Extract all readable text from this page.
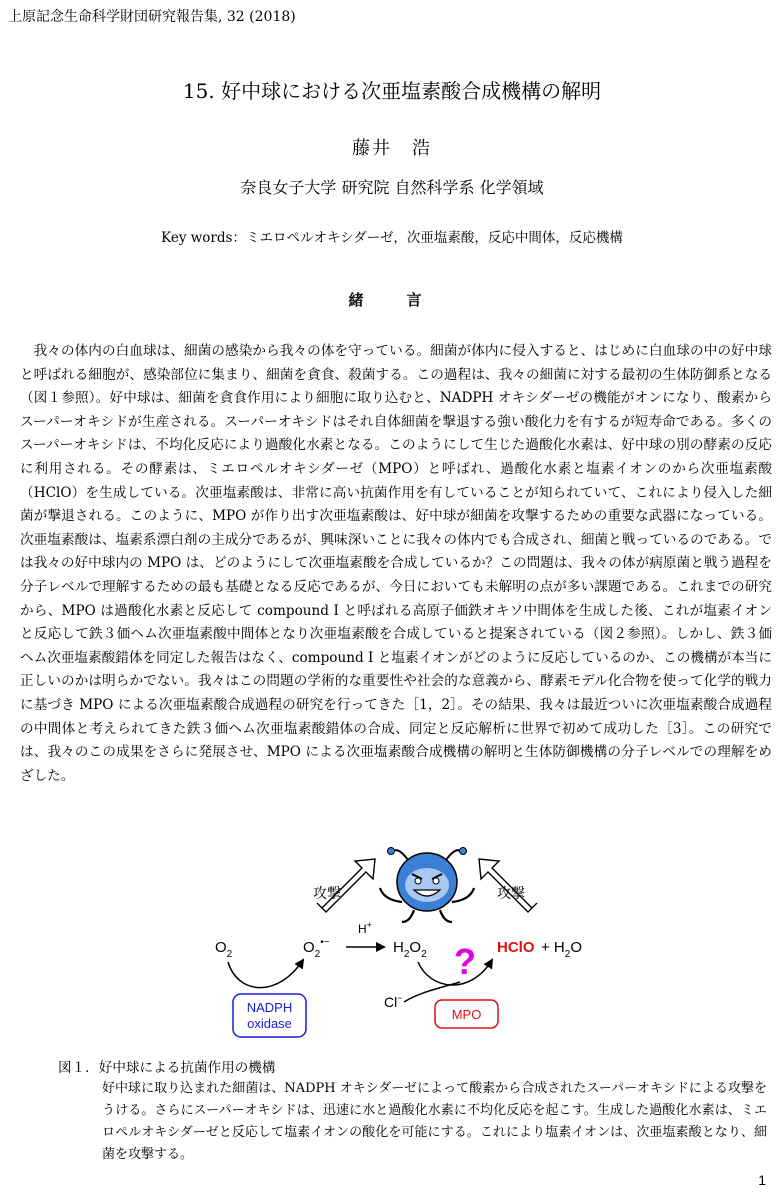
上原記念生命科学財団研究報告集, 32 (2018)
15. 好中球における次亜塩素酸合成機構の解明
藤井　浩
奈良女子大学 研究院 自然科学系 化学領域
Key words：ミエロペルオキシダーゼ，次亜塩素酸，反応中間体，反応機構
緒　言

我々の体内の白血球は、細菌の感染から我々の体を守っている。細菌が体内に侵入すると、はじめに白血球の中の好中球と呼ばれる細胞が、感染部位に集まり、細菌を貪食、殺菌する。この過程は、我々の細菌に対する最初の生体防御系となる（図１参照）。好中球は、細菌を貪食作用により細胞に取り込むと、NADPH オキシダーゼの機能がオンになり、酸素からスーパーオキシドが生産される。スーパーオキシドはそれ自体細菌を撃退する強い酸化力を有するが短寿命である。多くのスーパーオキシドは、不均化反応により過酸化水素となる。このようにして生じた過酸化水素は、好中球の別の酵素の反応に利用される。その酵素は、ミエロペルオキシダーゼ（MPO）と呼ばれ、過酸化水素と塩素イオンのから次亜塩素酸（HClO）を生成している。次亜塩素酸は、非常に高い抗菌作用を有していることが知られていて、これにより侵入した細菌が撃退される。このように、MPO が作り出す次亜塩素酸は、好中球が細菌を攻撃するための重要な武器になっている。次亜塩素酸は、塩素系漂白剤の主成分であるが、興味深いことに我々の体内でも合成され、細菌と戦っているのである。では我々の好中球内の MPO は、どのようにして次亜塩素酸を合成しているか？この問題は、我々の体が病原菌と戦う過程を分子レベルで理解するための最も基礎となる反応であるが、今日においても未解明の点が多い課題である。これまでの研究から、MPO は過酸化水素と反応して compound I と呼ばれる高原子価鉄オキソ中間体を生成した後、これが塩素イオンと反応して鉄３価ヘム次亜塩素酸中間体となり次亜塩素酸を合成していると提案されている（図２参照）。しかし、鉄３価ヘム次亜塩素酸錯体を同定した報告はなく、compound I と塩素イオンがどのように反応しているのか、この機構が本当に正しいのかは明らかでない。我々はこの問題の学術的な重要性や社会的な意義から、酵素モデル化合物を使って化学的戦力に基づき MPO による次亜塩素酸合成過程の研究を行ってきた［1，2］。その結果、我々は最近ついに次亜塩素酸合成過程の中間体と考えられてきた鉄３価ヘム次亜塩素酸錯体の合成、同定と反応解析に世界で初めて成功した［3］。この研究では、我々のこの成果をさらに発展させ、MPO による次亜塩素酸合成機構の解明と生体防御機構の分子レベルでの理解をめざした。

攻撃	攻撃
$O_2$	$O_2^{•-}$
H+
$H_2O_2$ ? HClO + $H_2O$
Cl−
NADPH
oxidase
MPO
図１．好中球による抗菌作用の機構

好中球に取り込まれた細菌は、NADPH オキシダーゼによって酸素から合成されたスーパーオキシドによる攻撃をうける。さらにスーパーオキシドは、迅速に水と過酸化水素に不均化反応を起こす。生成した過酸化水素は、ミエロペルオキシダーゼと反応して塩素イオンの酸化を可能にする。これにより塩素イオンは、次亜塩素酸となり、細菌を攻撃する。

1
